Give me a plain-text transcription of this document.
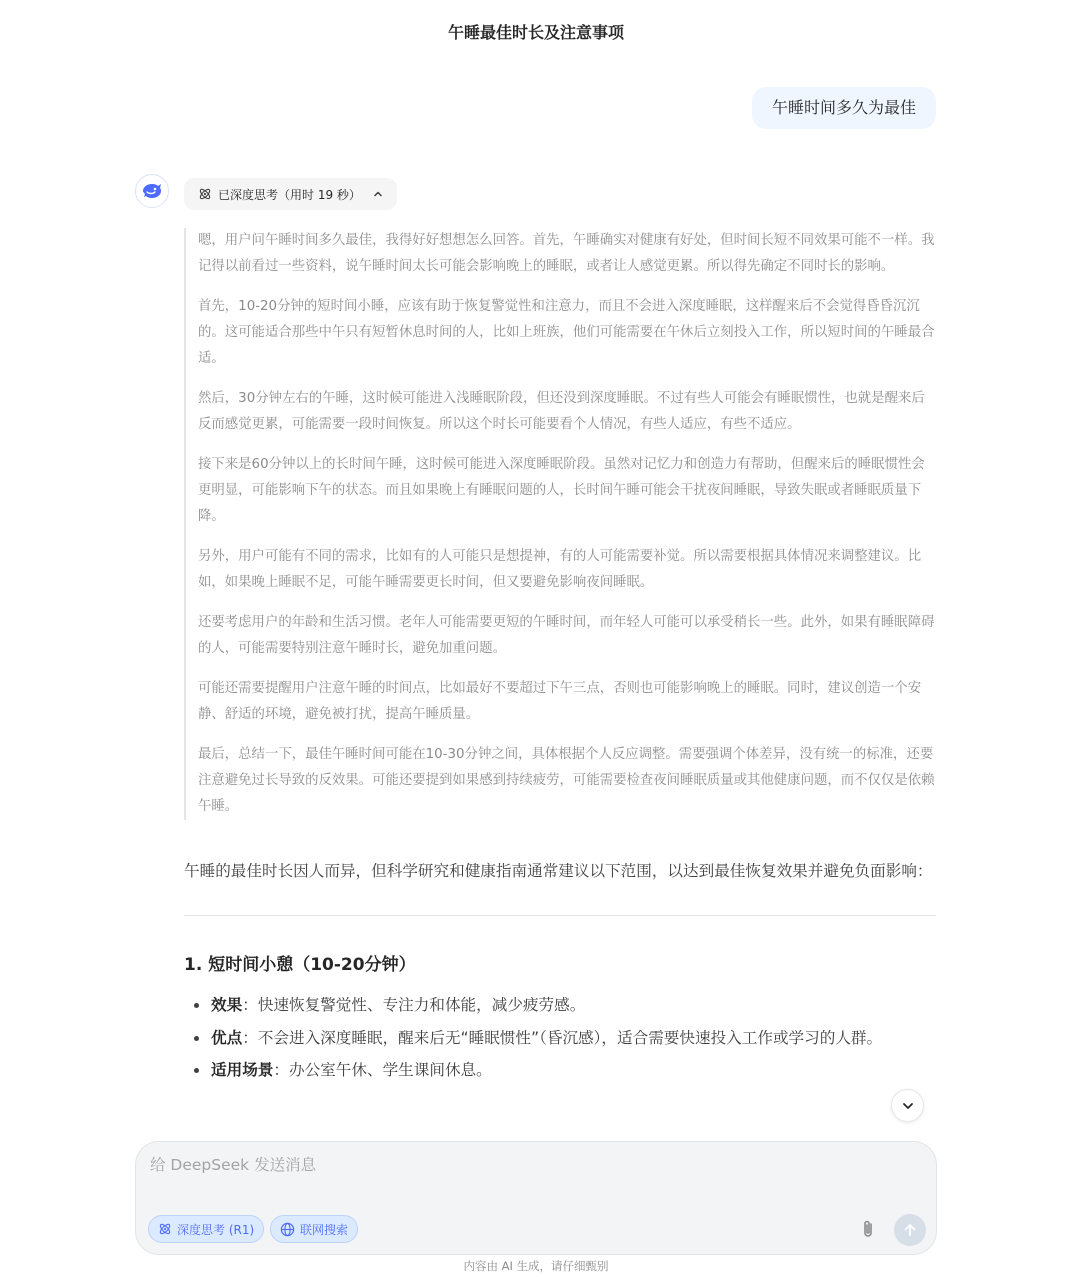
午睡最佳时长及注意事项
午睡时间多久为最佳
已深度思考（用时 19 秒）

嗯，用户问午睡时间多久最佳，我得好好想想怎么回答。首先，午睡确实对健康有好处，但时间长短不同效果可能不一样。我记得以前看过一些资料，说午睡时间太长可能会影响晚上的睡眠，或者让人感觉更累。所以得先确定不同时长的影响。

首先，10-20分钟的短时间小睡，应该有助于恢复警觉性和注意力，而且不会进入深度睡眠，这样醒来后不会觉得昏昏沉沉的。这可能适合那些中午只有短暂休息时间的人，比如上班族，他们可能需要在午休后立刻投入工作，所以短时间的午睡最合适。

然后，30分钟左右的午睡，这时候可能进入浅睡眠阶段，但还没到深度睡眠。不过有些人可能会有睡眠惯性，也就是醒来后反而感觉更累，可能需要一段时间恢复。所以这个时长可能要看个人情况，有些人适应，有些不适应。

接下来是60分钟以上的长时间午睡，这时候可能进入深度睡眠阶段。虽然对记忆力和创造力有帮助，但醒来后的睡眠惯性会更明显，可能影响下午的状态。而且如果晚上有睡眠问题的人，长时间午睡可能会干扰夜间睡眠，导致失眠或者睡眠质量下降。

另外，用户可能有不同的需求，比如有的人可能只是想提神，有的人可能需要补觉。所以需要根据具体情况来调整建议。比如，如果晚上睡眠不足，可能午睡需要更长时间，但又要避免影响夜间睡眠。

还要考虑用户的年龄和生活习惯。老年人可能需要更短的午睡时间，而年轻人可能可以承受稍长一些。此外，如果有睡眠障碍的人，可能需要特别注意午睡时长，避免加重问题。

可能还需要提醒用户注意午睡的时间点，比如最好不要超过下午三点，否则也可能影响晚上的睡眠。同时，建议创造一个安静、舒适的环境，避免被打扰，提高午睡质量。

最后，总结一下，最佳午睡时间可能在10-30分钟之间，具体根据个人反应调整。需要强调个体差异，没有统一的标准，还要注意避免过长导致的反效果。可能还要提到如果感到持续疲劳，可能需要检查夜间睡眠质量或其他健康问题，而不仅仅是依赖午睡。

午睡的最佳时长因人而异，但科学研究和健康指南通常建议以下范围，以达到最佳恢复效果并避免负面影响：

1. 短时间小憩（10-20分钟）
效果：快速恢复警觉性、专注力和体能，减少疲劳感。
优点：不会进入深度睡眠，醒来后无“睡眠惯性”（昏沉感），适合需要快速投入工作或学习的人群。
适用场景：办公室午休、学生课间休息。
给 DeepSeek 发送消息
深度思考 (R1)	联网搜索
内容由 AI 生成，请仔细甄别
